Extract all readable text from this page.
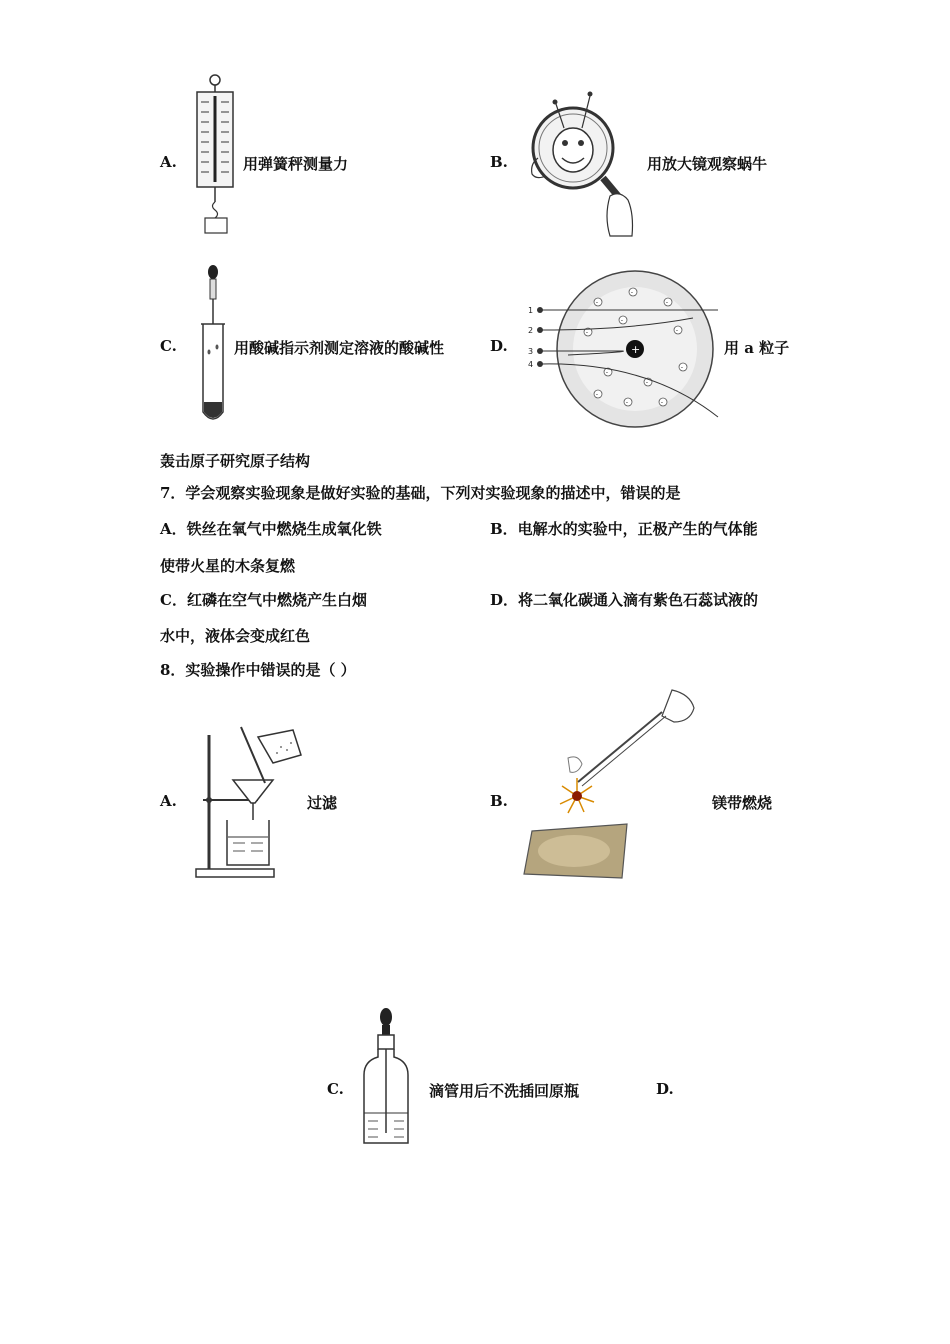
A.	用弹簧秤测量力	B.	用放大镜观察蜗牛
C.	用酸碱指示剂测定溶液的酸碱性	D.	+
1
2
3
4
-
-
-
-
-
-
-
-
-
-	-
-
用 a 粒子
轰击原子研究原子结构
7．学会观察实验现象是做好实验的基础，下列对实验现象的描述中，错误的是
A．铁丝在氧气中燃烧生成氧化铁	B．电解水的实验中，正极产生的气体能
使带火星的木条复燃
C．红磷在空气中燃烧产生白烟	D．将二氧化碳通入滴有紫色石蕊试液的
水中，液体会变成红色
8．实验操作中错误的是（ ）
A.	过滤	B.	镁带燃烧
C.	滴管用后不洗插回原瓶	D.
